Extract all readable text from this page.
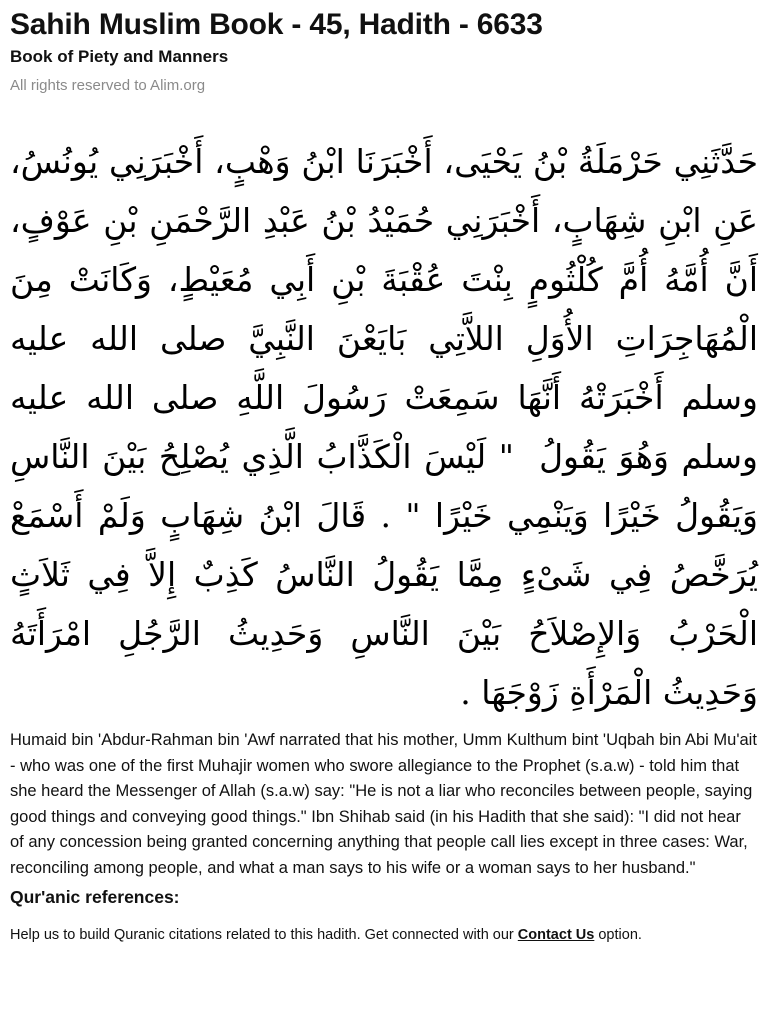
Sahih Muslim Book - 45, Hadith - 6633
Book of Piety and Manners
All rights reserved to Alim.org

حَدَّثَنِي حَرْمَلَةُ بْنُ يَحْيَى، أَخْبَرَنَا ابْنُ وَهْبٍ، أَخْبَرَنِي يُونُسُ، عَنِ ابْنِ شِهَابٍ، أَخْبَرَنِي حُمَيْدُ بْنُ عَبْدِ الرَّحْمَنِ بْنِ عَوْفٍ، أَنَّ أُمَّهُ أُمَّ كُلْثُومٍ بِنْتَ عُقْبَةَ بْنِ أَبِي مُعَيْطٍ، وَكَانَتْ مِنَ الْمُهَاجِرَاتِ الأُوَلِ اللاَّتِي بَايَعْنَ النَّبِيَّ صلى الله عليه وسلم أَخْبَرَتْهُ أَنَّهَا سَمِعَتْ رَسُولَ اللَّهِ صلى الله عليه وسلم وَهُوَ يَقُولُ ‏ "‏ لَيْسَ الْكَذَّابُ الَّذِي يُصْلِحُ بَيْنَ النَّاسِ وَيَقُولُ خَيْرًا وَيَنْمِي خَيْرًا ‏"‏ ‏.‏ قَالَ ابْنُ شِهَابٍ وَلَمْ أَسْمَعْ يُرَخَّصُ فِي شَىْءٍ مِمَّا يَقُولُ النَّاسُ كَذِبٌ إِلاَّ فِي ثَلاَثٍ الْحَرْبُ وَالإِصْلاَحُ بَيْنَ النَّاسِ وَحَدِيثُ الرَّجُلِ امْرَأَتَهُ وَحَدِيثُ الْمَرْأَةِ زَوْجَهَا ‏.‏

Humaid bin 'Abdur-Rahman bin 'Awf narrated that his mother, Umm Kulthum bint 'Uqbah bin Abi Mu'ait - who was one of the first Muhajir women who swore allegiance to the Prophet (s.a.w) - told him that she heard the Messenger of Allah (s.a.w) say: "He is not a liar who reconciles between people, saying good things and conveying good things." Ibn Shihab said (in his Hadith that she said): "I did not hear of any concession being granted concerning anything that people call lies except in three cases: War, reconciling among people, and what a man says to his wife or a woman says to her husband."

Qur'anic references:

Help us to build Quranic citations related to this hadith. Get connected with our Contact Us option.
